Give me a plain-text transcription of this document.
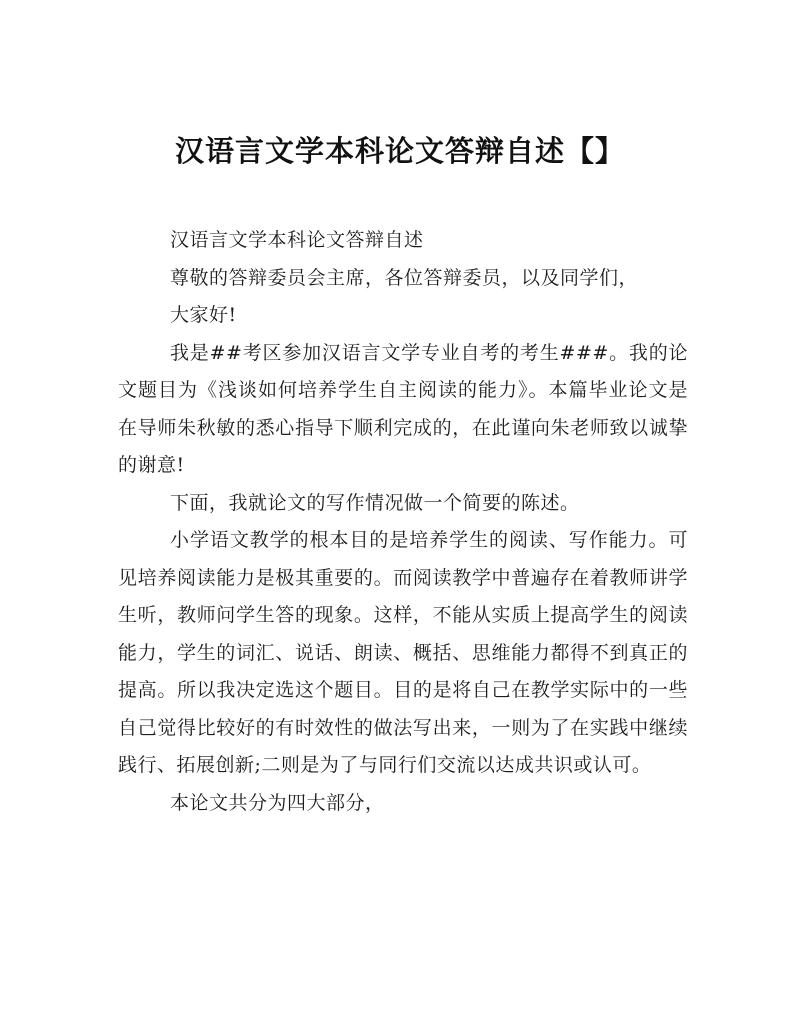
汉语言文学本科论文答辩自述【】

汉语言文学本科论文答辩自述

尊敬的答辩委员会主席，各位答辩委员，以及同学们，

大家好!

我是##考区参加汉语言文学专业自考的考生###。我的论文题目为《浅谈如何培养学生自主阅读的能力》。本篇毕业论文是在导师朱秋敏的悉心指导下顺利完成的，在此谨向朱老师致以诚挚的谢意!

下面，我就论文的写作情况做一个简要的陈述。

小学语文教学的根本目的是培养学生的阅读、写作能力。可见培养阅读能力是极其重要的。而阅读教学中普遍存在着教师讲学生听，教师问学生答的现象。这样，不能从实质上提高学生的阅读能力，学生的词汇、说话、朗读、概括、思维能力都得不到真正的提高。所以我决定选这个题目。目的是将自己在教学实际中的一些自己觉得比较好的有时效性的做法写出来，一则为了在实践中继续践行、拓展创新;二则是为了与同行们交流以达成共识或认可。

本论文共分为四大部分，
